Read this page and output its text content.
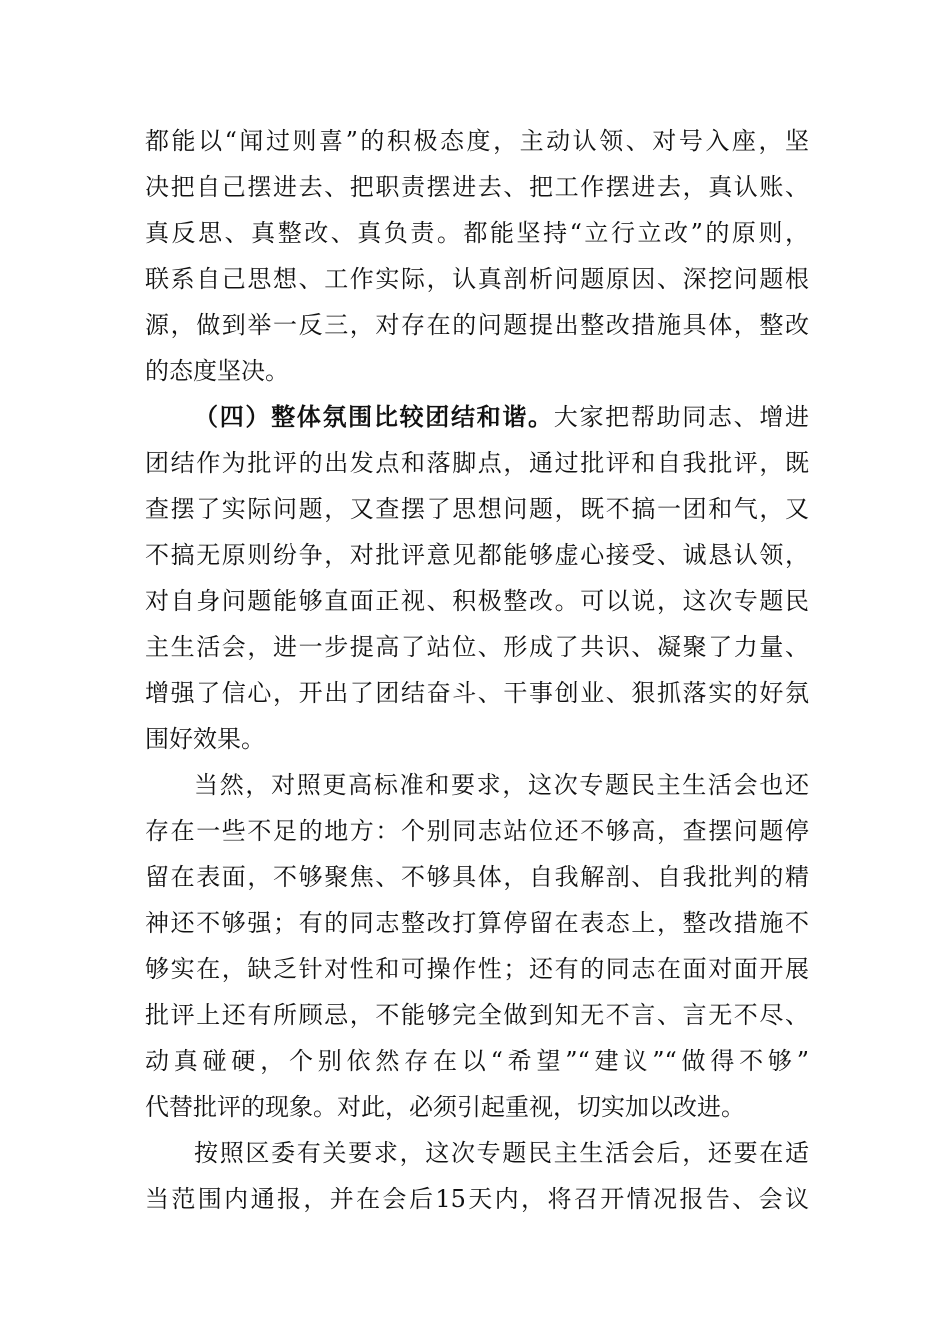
都能以“闻过则喜”的积极态度，主动认领、对号入座，坚
决把自己摆进去、把职责摆进去、把工作摆进去，真认账、
真反思、真整改、真负责。都能坚持“立行立改”的原则，
联系自己思想、工作实际，认真剖析问题原因、深挖问题根
源，做到举一反三，对存在的问题提出整改措施具体，整改
的态度坚决。
（四）整体氛围比较团结和谐。大家把帮助同志、增进
团结作为批评的出发点和落脚点，通过批评和自我批评，既
查摆了实际问题，又查摆了思想问题，既不搞一团和气，又
不搞无原则纷争，对批评意见都能够虚心接受、诚恳认领，
对自身问题能够直面正视、积极整改。可以说，这次专题民
主生活会，进一步提高了站位、形成了共识、凝聚了力量、
增强了信心，开出了团结奋斗、干事创业、狠抓落实的好氛
围好效果。
当然，对照更高标准和要求，这次专题民主生活会也还
存在一些不足的地方：个别同志站位还不够高，查摆问题停
留在表面，不够聚焦、不够具体，自我解剖、自我批判的精
神还不够强；有的同志整改打算停留在表态上，整改措施不
够实在，缺乏针对性和可操作性；还有的同志在面对面开展
批评上还有所顾忌，不能够完全做到知无不言、言无不尽、
动真碰硬，个别依然存在以“希望”“建议”“做得不够”
代替批评的现象。对此，必须引起重视，切实加以改进。
按照区委有关要求，这次专题民主生活会后，还要在适
当范围内通报，并在会后15天内，将召开情况报告、会议
